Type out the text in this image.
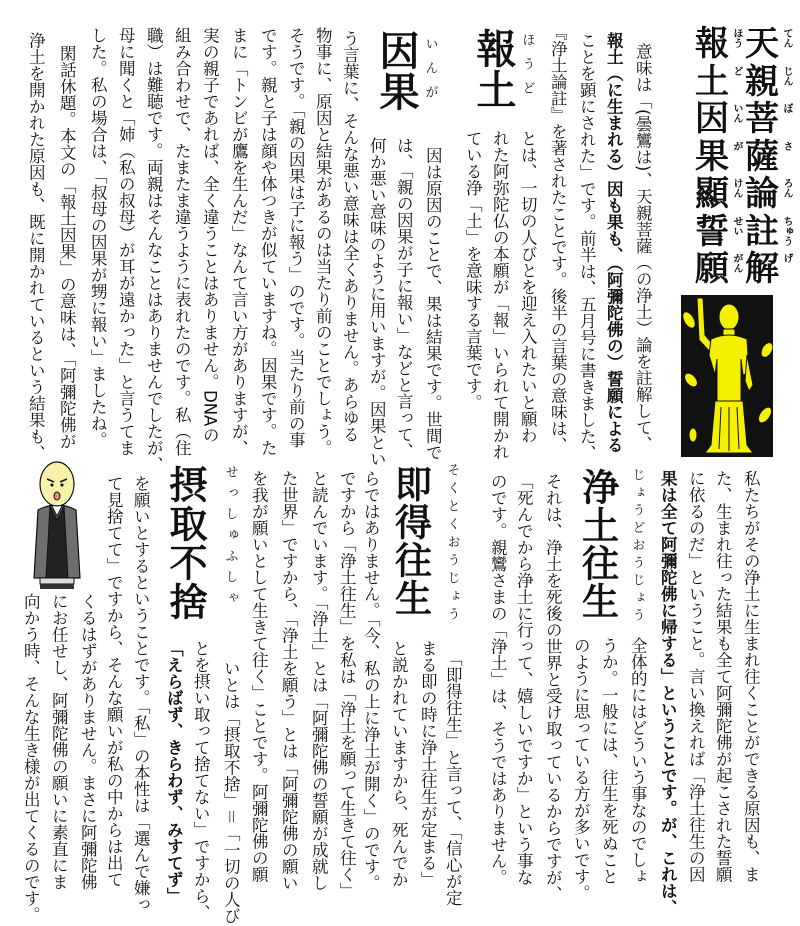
天 てん
親 じん
菩 ぼ
薩 さ
論 ろん
註 ちゅう
解 げ
報 ほう
土 ど
因 いん
果 が
顯 けん
誓 せい
願 がん
意味は「(曇鸞は)、天親菩薩（の浄土）論を註解して、
報土（に生まれる）因も果も、（阿彌陀佛の）誓願による
ことを顕にされた」です。前半は、五月号に書きました、
『浄土論註』を著されたことです。後半の言葉の意味は、
ほうど
報土
とは、一切の人びとを迎え入れたいと願わ
れた阿弥陀仏の本願が「報」いられて開かれ
ている浄「土」を意味する言葉です。
いんが
因果
因は原因のことで、果は結果です。世間で
は、「親の因果が子に報い」などと言って、
何か悪い意味のように用いますが。因果とい
う言葉に、そんな悪い意味は全くありません。あらゆる
物事に、原因と結果があるのは当たり前のことでしょう。
そうです。「親の因果は子に報う」のです。当たり前の事
です。親と子は顔や体つきが似ていますね。因果です。た
まに「トンビが鷹を生んだ」なんて言い方がありますが、
実の親子であれば、全く違うことはありません。DNAの
組み合わせで、たまたま違うように表れたのです。私（住
職）は難聴です。両親はそんなことはありませんでしたが、
母に聞くと「姉（私の叔母）が耳が遠かった」と言うてま
した。私の場合は、「叔母の因果が甥に報い」ましたね。
閑話休題。本文の「報土因果」の意味は、「阿彌陀佛が
浄土を開かれた原因も、既に開かれているという結果も、
私たちがその浄土に生まれ往くことができる原因も、ま
た、生まれ往った結果も全て阿彌陀佛が起こされた誓願
に依るのだ」ということ。言い換えれば「浄土往生の因
果は全て阿彌陀佛に帰する」ということです。が、これは、
じょうどおうじょう
浄土往生
全体的にはどういう事なのでしょ
うか。一般には、往生を死ぬこと
のように思っている方が多いです。
それは、浄土を死後の世界と受け取っているからですが、
「死んでから浄土に行って、嬉しいですか」という事な
のです。親鸞さまの「浄土」は、そうではありません。
そくとくおうじょう
即得往生
「即得往生」と言って、「信心が定
まる即の時に浄土往生が定まる」
と説かれていますから、死んでか
らではありません。「今、私の上に浄土が開く」のです。
ですから「浄土往生」を私は「浄土を願って生きて往く」
と読んでいます。「浄土」とは「阿彌陀佛の誓願が成就し
た世界」ですから、「浄土を願う」とは「阿彌陀佛の願い
を我が願いとして生きて往く」ことです。阿彌陀佛の願
せっしゅふしゃ
摂取不捨
いとは「摂取不捨」＝「一切の人び
とを摂い取って捨てない」ですから、
「えらばず、きらわず、みすてず」
を願いとするということです。「私」の本性は「選んで嫌っ
て見捨てて」ですから、そんな願いが私の中からは出て
くるはずがありません。まさに阿彌陀佛
にお任せし、阿彌陀佛の願いに素直にま
向かう時、そんな生き様が出てくるのです。
